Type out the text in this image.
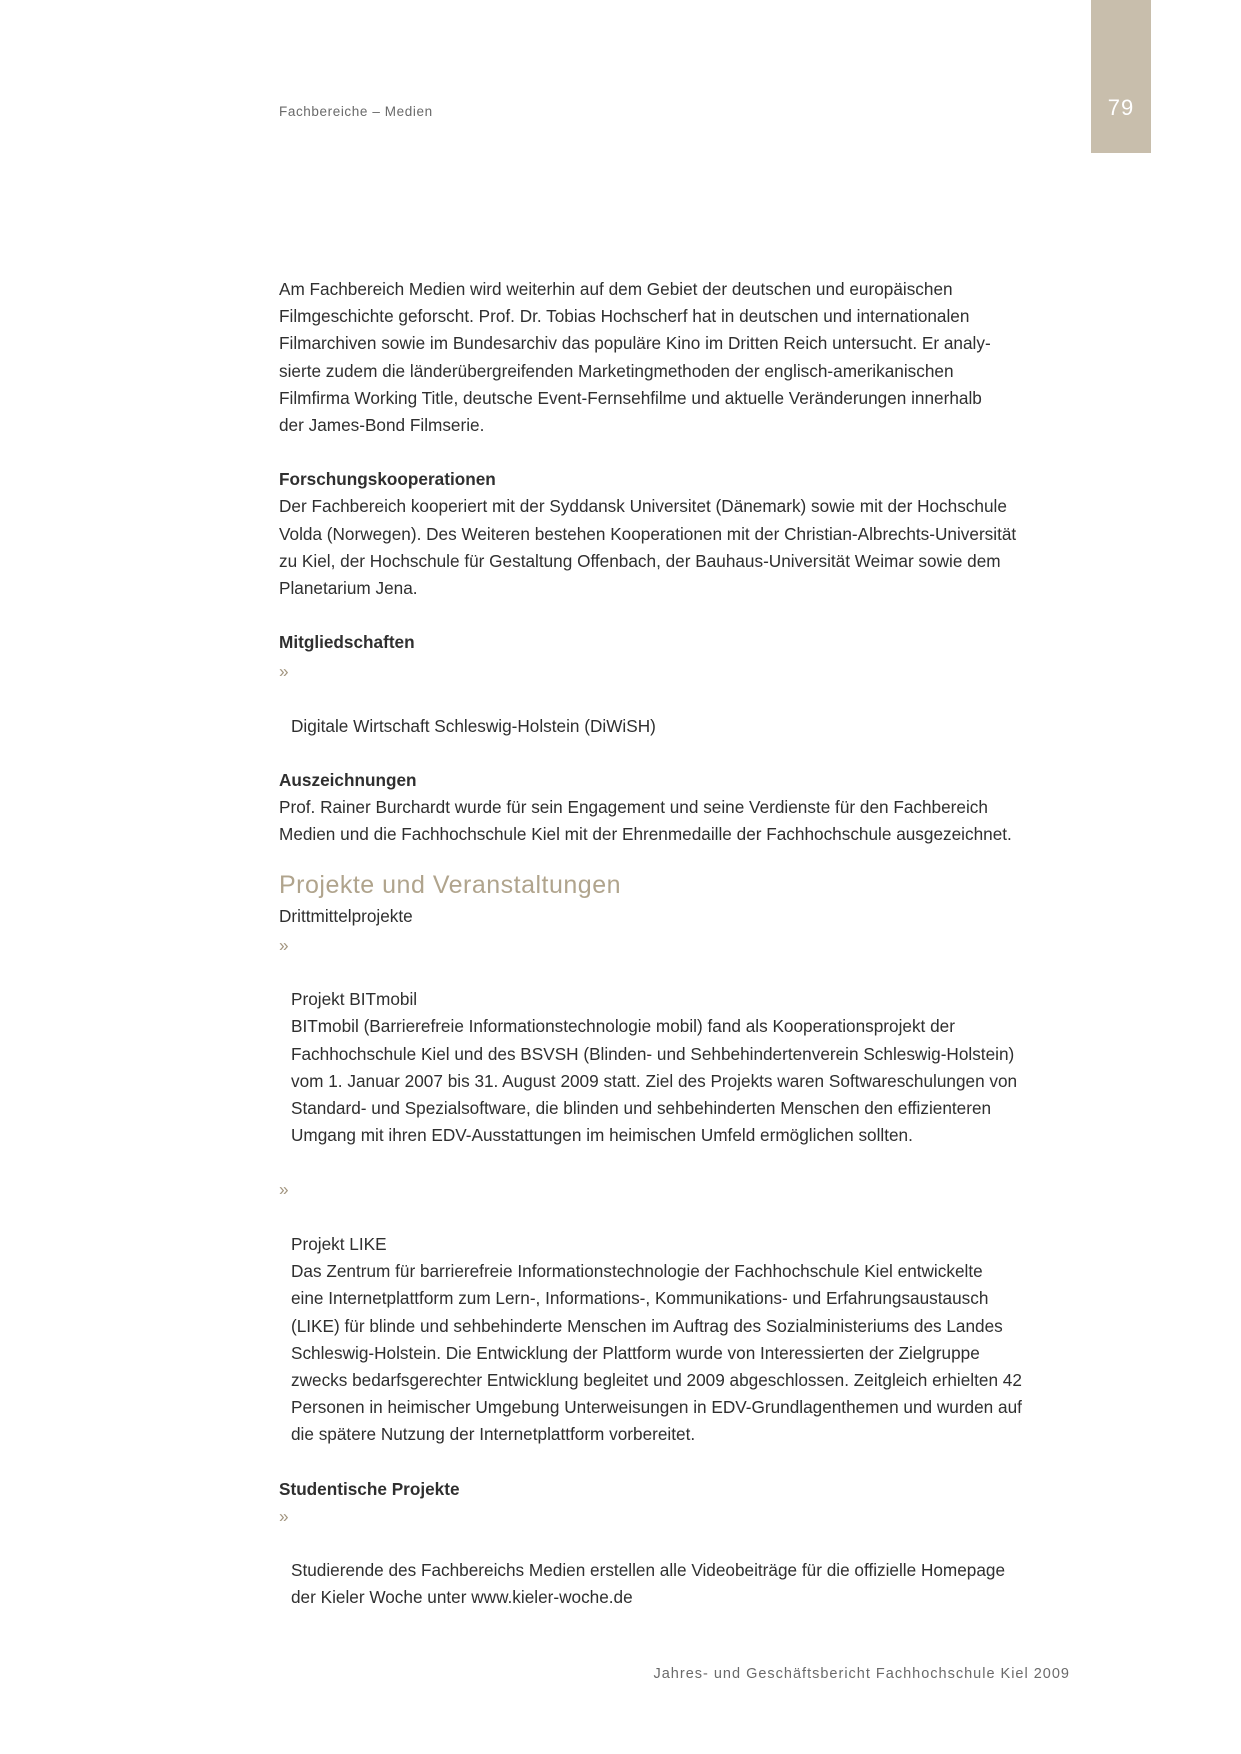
Fachbereiche – Medien	79

Am Fachbereich Medien wird weiterhin auf dem Gebiet der deutschen und europäischen
Filmgeschichte geforscht. Prof. Dr. Tobias Hochscherf hat in deutschen und internationalen
Filmarchiven sowie im Bundesarchiv das populäre Kino im Dritten Reich untersucht. Er analy-
sierte zudem die länderübergreifenden Marketingmethoden der englisch-amerikanischen
Filmfirma Working Title, deutsche Event-Fernsehfilme und aktuelle Veränderungen innerhalb
der James-Bond Filmserie.

Forschungskooperationen

Der Fachbereich kooperiert mit der Syddansk Universitet (Dänemark) sowie mit der Hochschule
Volda (Norwegen). Des Weiteren bestehen Kooperationen mit der Christian-Albrechts-Universität
zu Kiel, der Hochschule für Gestaltung Offenbach, der Bauhaus-Universität Weimar sowie dem
Planetarium Jena.

Mitgliedschaften

»

Digitale Wirtschaft Schleswig-Holstein (DiWiSH)

Auszeichnungen

Prof. Rainer Burchardt wurde für sein Engagement und seine Verdienste für den Fachbereich
Medien und die Fachhochschule Kiel mit der Ehrenmedaille der Fachhochschule ausgezeichnet.

Projekte und Veranstaltungen

Drittmittelprojekte

»

Projekt BITmobil

BITmobil (Barrierefreie Informationstechnologie mobil) fand als Kooperationsprojekt der
Fachhochschule Kiel und des BSVSH (Blinden- und Sehbehindertenverein Schleswig-Holstein)
vom 1. Januar 2007 bis 31. August 2009 statt. Ziel des Projekts waren Softwareschulungen von
Standard- und Spezialsoftware, die blinden und sehbehinderten Menschen den effizienteren
Umgang mit ihren EDV-Ausstattungen im heimischen Umfeld ermöglichen sollten.

»

Projekt LIKE

Das Zentrum für barrierefreie Informationstechnologie der Fachhochschule Kiel entwickelte
eine Internetplattform zum Lern-, Informations-, Kommunikations- und Erfahrungsaustausch
(LIKE) für blinde und sehbehinderte Menschen im Auftrag des Sozialministeriums des Landes
Schleswig-Holstein. Die Entwicklung der Plattform wurde von Interessierten der Zielgruppe
zwecks bedarfsgerechter Entwicklung begleitet und 2009 abgeschlossen. Zeitgleich erhielten 42
Personen in heimischer Umgebung Unterweisungen in EDV-Grundlagenthemen und wurden auf
die spätere Nutzung der Internetplattform vorbereitet.

Studentische Projekte

»

Studierende des Fachbereichs Medien erstellen alle Videobeiträge für die offizielle Homepage
der Kieler Woche unter www.kieler-woche.de

Jahres- und Geschäftsbericht Fachhochschule Kiel 2009
